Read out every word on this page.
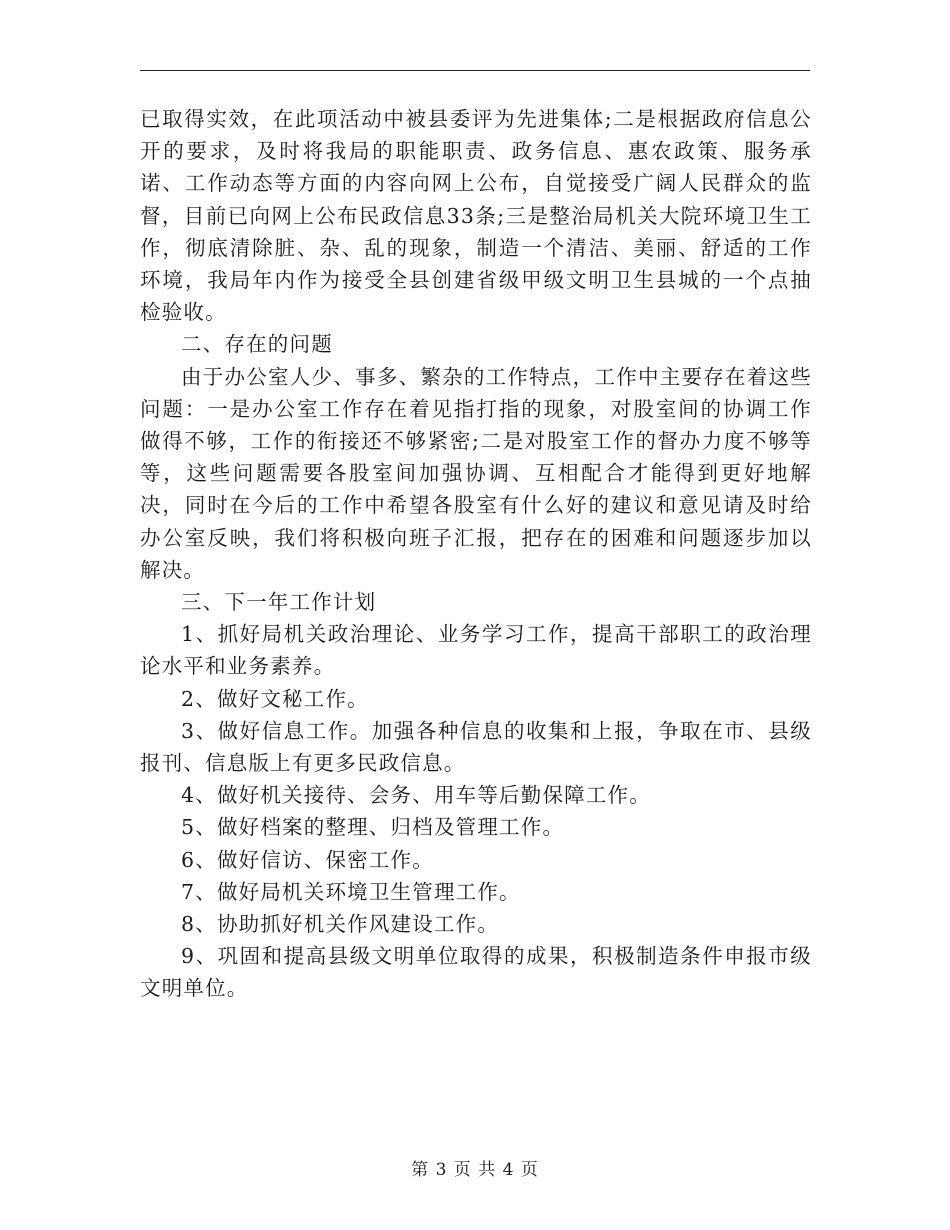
已取得实效，在此项活动中被县委评为先进集体;二是根据政府信息公开的要求，及时将我局的职能职责、政务信息、惠农政策、服务承诺、工作动态等方面的内容向网上公布，自觉接受广阔人民群众的监督，目前已向网上公布民政信息33条;三是整治局机关大院环境卫生工作，彻底清除脏、杂、乱的现象，制造一个清洁、美丽、舒适的工作环境，我局年内作为接受全县创建省级甲级文明卫生县城的一个点抽检验收。

二、存在的问题

由于办公室人少、事多、繁杂的工作特点，工作中主要存在着这些问题：一是办公室工作存在着见指打指的现象，对股室间的协调工作做得不够，工作的衔接还不够紧密;二是对股室工作的督办力度不够等等，这些问题需要各股室间加强协调、互相配合才能得到更好地解决，同时在今后的工作中希望各股室有什么好的建议和意见请及时给办公室反映，我们将积极向班子汇报，把存在的困难和问题逐步加以解决。

三、下一年工作计划

1、抓好局机关政治理论、业务学习工作，提高干部职工的政治理论水平和业务素养。

2、做好文秘工作。

3、做好信息工作。加强各种信息的收集和上报，争取在市、县级报刊、信息版上有更多民政信息。

4、做好机关接待、会务、用车等后勤保障工作。

5、做好档案的整理、归档及管理工作。

6、做好信访、保密工作。

7、做好局机关环境卫生管理工作。

8、协助抓好机关作风建设工作。

9、巩固和提高县级文明单位取得的成果，积极制造条件申报市级文明单位。

第 3 页 共 4 页
